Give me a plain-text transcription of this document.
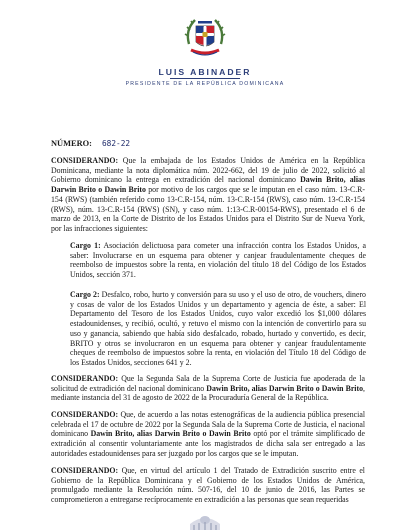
LUIS ABINADER
PRESIDENTE DE LA REPÚBLICA DOMINICANA
NÚMERO: 682-22
CONSIDERANDO: Que la embajada de los Estados Unidos de América en la República Dominicana, mediante la nota diplomática núm. 2022-662, del 19 de julio de 2022, solicitó al Gobierno dominicano la entrega en extradición del nacional dominicano Dawin Brito, alias Darwin Brito o Dawin Brito por motivo de los cargos que se le imputan en el caso núm. 13-C.R-154 (RWS) (también referido como 13-C.R-154, núm. 13-C.R-154 (RWS), caso núm. 13-C.R-154 (RWS), núm. 13-C.R-154 (RWS) (SN), y caso núm. 1:13-C.R-00154-RWS), presentado el 6 de marzo de 2013, en la Corte de Distrito de los Estados Unidos para el Distrito Sur de Nueva York, por las infracciones siguientes:
Cargo 1: Asociación delictuosa para cometer una infracción contra los Estados Unidos, a saber: Involucrarse en un esquema para obtener y canjear fraudulentamente cheques de reembolso de impuestos sobre la renta, en violación del título 18 del Código de los Estados Unidos, sección 371.
Cargo 2: Desfalco, robo, hurto y conversión para su uso y el uso de otro, de vouchers, dinero y cosas de valor de los Estados Unidos y un departamento y agencia de éste, a saber: El Departamento del Tesoro de los Estados Unidos, cuyo valor excedió los $1,000 dólares estadounidenses, y recibió, ocultó, y retuvo el mismo con la intención de convertirlo para su uso y ganancia, sabiendo que había sido desfalcado, robado, hurtado y convertido, es decir, BRITO y otros se involucraron en un esquema para obtener y canjear fraudulentamente cheques de reembolso de impuestos sobre la renta, en violación del Título 18 del Código de los Estados Unidos, secciones 641 y 2.
CONSIDERANDO: Que la Segunda Sala de la Suprema Corte de Justicia fue apoderada de la solicitud de extradición del nacional dominicano Dawin Brito, alias Darwin Brito o Dawin Brito, mediante instancia del 31 de agosto de 2022 de la Procuraduría General de la República.
CONSIDERANDO: Que, de acuerdo a las notas estenográficas de la audiencia pública presencial celebrada el 17 de octubre de 2022 por la Segunda Sala de la Suprema Corte de Justicia, el nacional dominicano Dawin Brito, alias Darwin Brito o Dawin Brito optó por el trámite simplificado de extradición al consentir voluntariamente ante los magistrados de dicha sala ser entregado a las autoridades estadounidenses para ser juzgado por los cargos que se le imputan.
CONSIDERANDO: Que, en virtud del artículo 1 del Tratado de Extradición suscrito entre el Gobierno de la República Dominicana y el Gobierno de los Estados Unidos de América, promulgado mediante la Resolución núm. 507-16, del 10 de junio de 2016, las Partes se comprometieron a entregarse recíprocamente en extradición a las personas que sean requeridas
